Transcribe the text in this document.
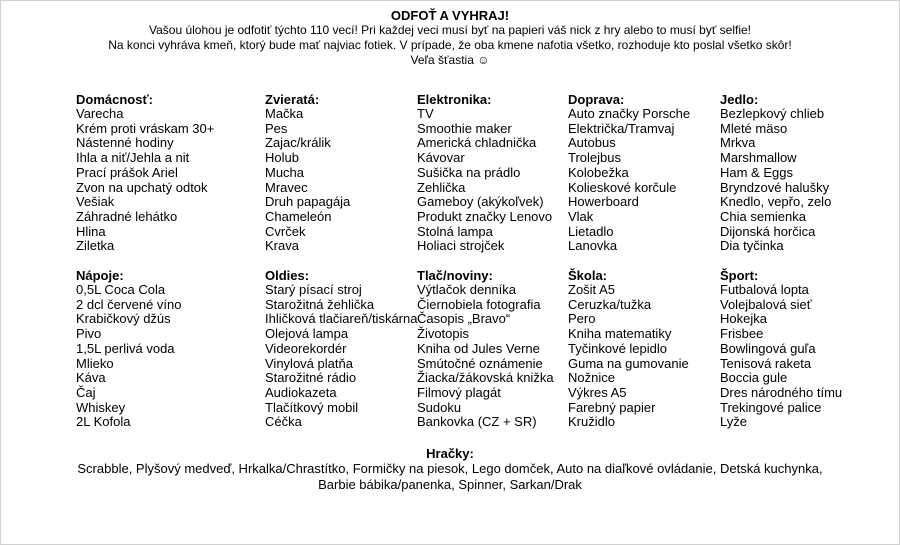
ODFOŤ A VYHRAJ!
Vašou úlohou je odfotiť týchto 110 vecí! Pri každej veci musí byť na papieri váš nick z hry alebo to musí byť selfie!
Na konci vyhráva kmeň, ktorý bude mať najviac fotiek. V prípade, že oba kmene nafotia všetko, rozhoduje kto poslal všetko skôr!
Veľa šťastia ☺
Domácnosť:
Varecha
Krém proti vráskam 30+
Nástenné hodiny
Ihla a niť/Jehla a nit
Prací prášok Ariel
Zvon na upchatý odtok
Vešiak
Záhradné lehátko
Hlina
Ziletka
Zvieratá:
Mačka
Pes
Zajac/králik
Holub
Mucha
Mravec
Druh papagája
Chameleón
Cvrček
Krava
Elektronika:
TV
Smoothie maker
Americká chladnička
Kávovar
Sušička na prádlo
Zehlička
Gameboy (akýkoľvek)
Produkt značky Lenovo
Stolná lampa
Holiaci strojček
Doprava:
Auto značky Porsche
Električka/Tramvaj
Autobus
Trolejbus
Kolobežka
Kolieskové korčule
Howerboard
Vlak
Lietadlo
Lanovka
Jedlo:
Bezlepkový chlieb
Mleté mäso
Mrkva
Marshmallow
Ham & Eggs
Bryndzové halušky
Knedlo, vepřo, zelo
Chia semienka
Dijonská horčica
Dia tyčinka
Nápoje:
0,5L Coca Cola
2 dcl červené víno
Krabičkový džús
Pivo
1,5L perlivá voda
Mlieko
Káva
Čaj
Whiskey
2L Kofola
Oldies:
Starý písací stroj
Starožitná žehlička
Ihličková tlačiareň/tiskárna
Olejová lampa
Videorekordér
Vinylová platňa
Starožitné rádio
Audiokazeta
Tlačítkový mobil
Céčka
Tlač/noviny:
Výtlačok denníka
Čiernobiela fotografia
Časopis „Bravo“
Životopis
Kniha od Jules Verne
Smútočné oznámenie
Žiacka/žákovská knižka
Filmový plagát
Sudoku
Bankovka (CZ + SR)
Škola:
Zošit A5
Ceruzka/tužka
Pero
Kniha matematiky
Tyčinkové lepidlo
Guma na gumovanie
Nožnice
Výkres A5
Farebný papier
Kružidlo
Šport:
Futbalová lopta
Volejbalová sieť
Hokejka
Frisbee
Bowlingová guľa
Tenisová raketa
Boccia gule
Dres národného tímu
Trekingové palice
Lyže
Hračky:
Scrabble, Plyšový medveď, Hrkalka/Chrastítko, Formičky na piesok, Lego domček, Auto na diaľkové ovládanie, Detská kuchynka, Barbie bábika/panenka, Spinner, Sarkan/Drak
